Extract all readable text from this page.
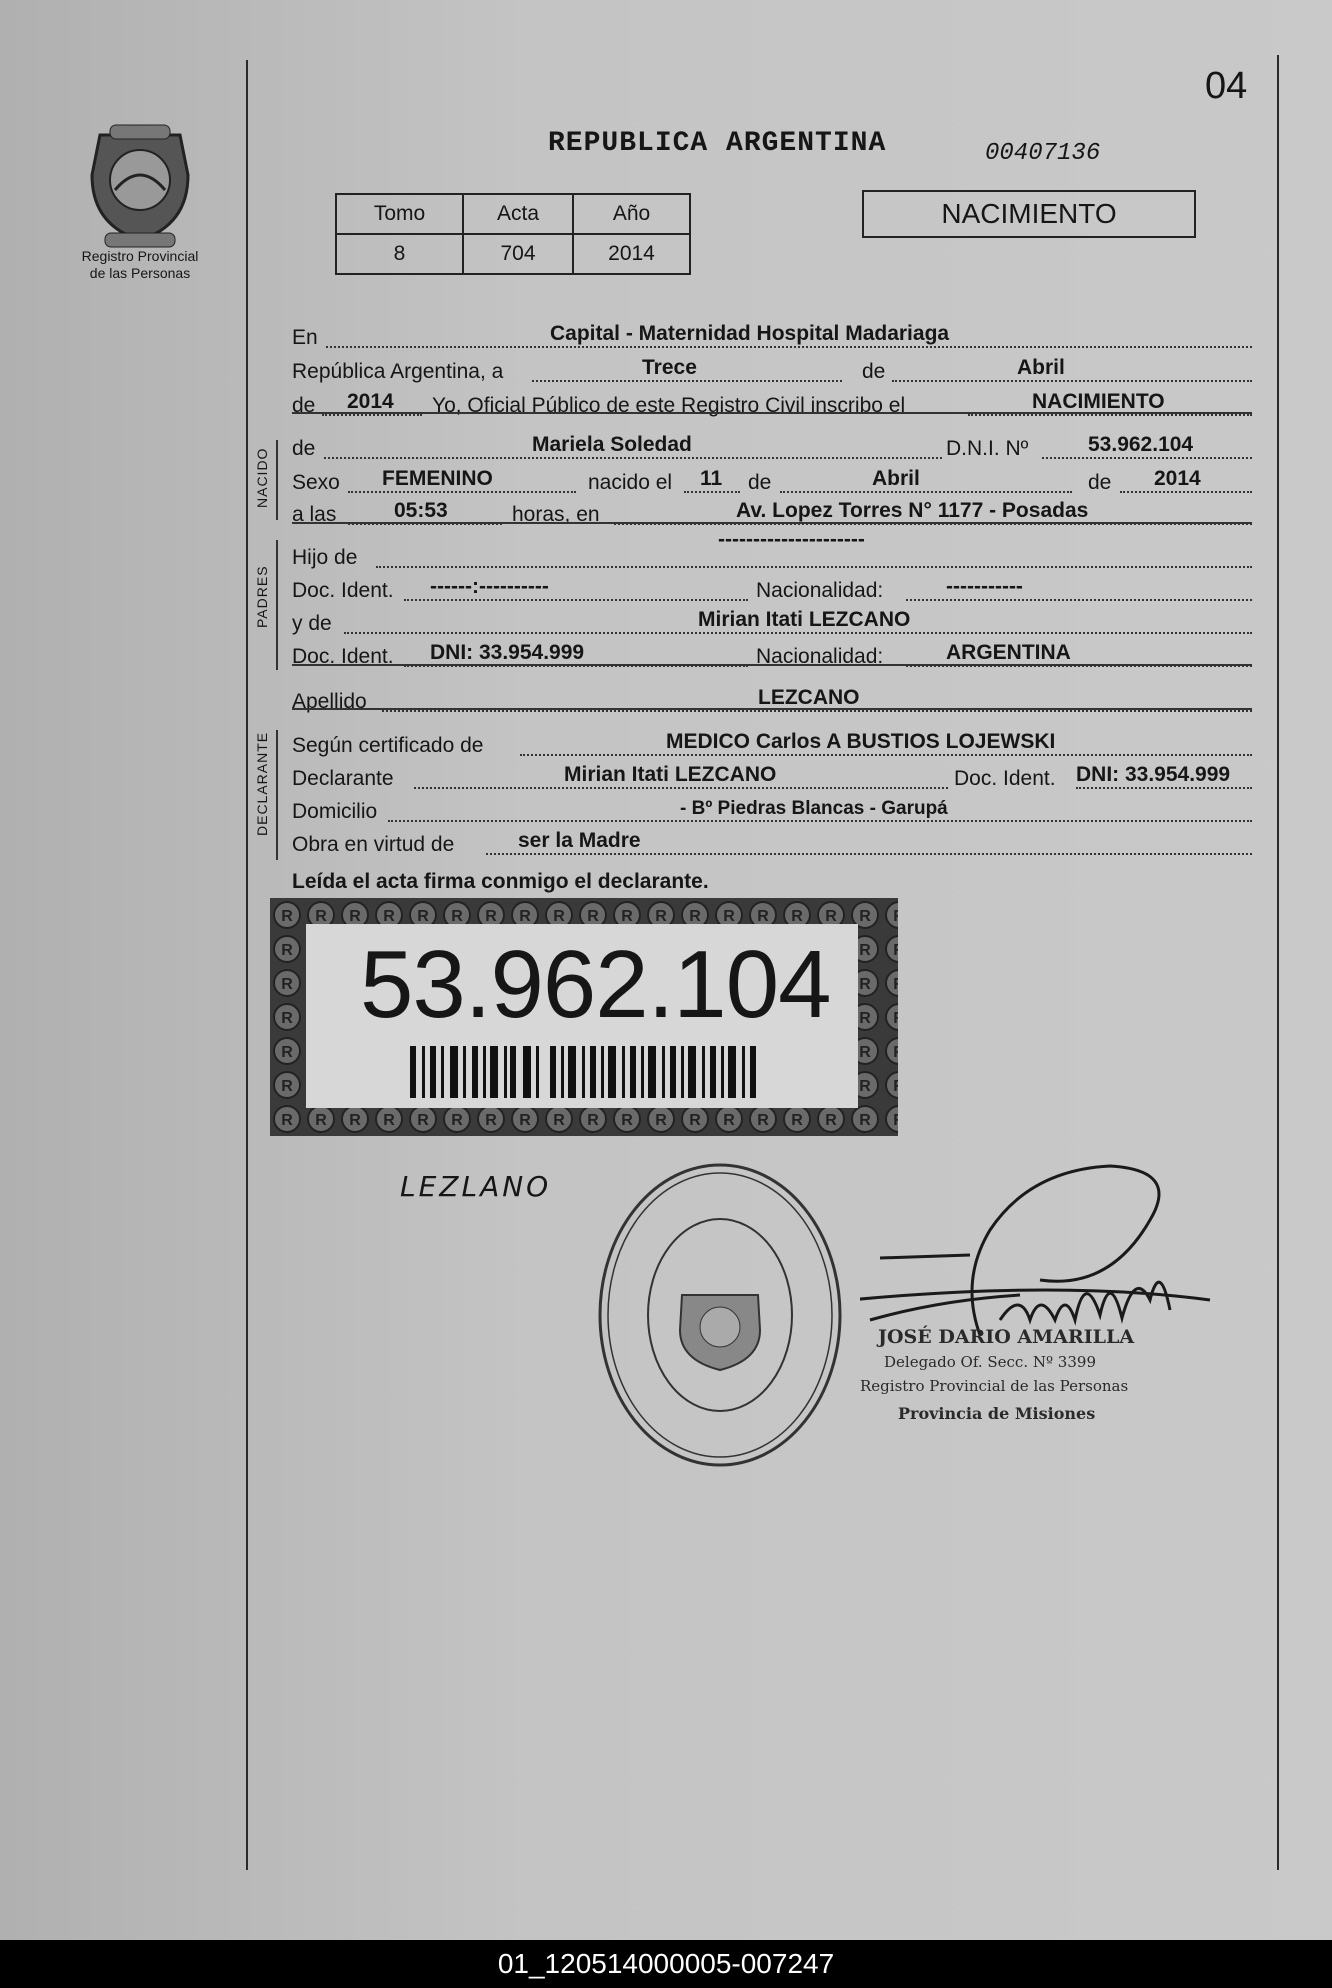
04
Registro Provincial
de las Personas
REPUBLICA ARGENTINA	00407136
Tomo	Acta	Año
8	704	2014
NACIMIENTO
En	Capital - Maternidad Hospital Madariaga
República Argentina, a	Trece	de	Abril
de 2014 Yo, Oficial Público de este Registro Civil inscribo el	NACIMIENTO
NACIDO de	Mariela Soledad	D.N.I. Nº	53.962.104
Sexo FEMENINO	nacido el 11 de	Abril	de 2014
a las	05:53	horas, en	Av. Lopez Torres N° 1177 - Posadas
PADRES
Hijo de
---------------------
Doc. Ident. ------:----------	Nacionalidad:	-----------
y de	Mirian Itati LEZCANO
Doc. Ident. DNI: 33.954.999	Nacionalidad:	ARGENTINA
Apellido	LEZCANO
DECLARANTE Según certificado de	MEDICO Carlos A BUSTIOS LOJEWSKI
Declarante	Mirian Itati LEZCANO	Doc. Ident. DNI: 33.954.999
Domicilio	- Bº Piedras Blancas - Garupá
Obra en virtud de	ser la Madre
Leída el acta firma conmigo el declarante.
53.962.104
LEZLANO
JOSÉ DARIO AMARILLA
Delegado Of. Secc. Nº 3399
Registro Provincial de las Personas
Provincia de Misiones
01_120514000005-007247
